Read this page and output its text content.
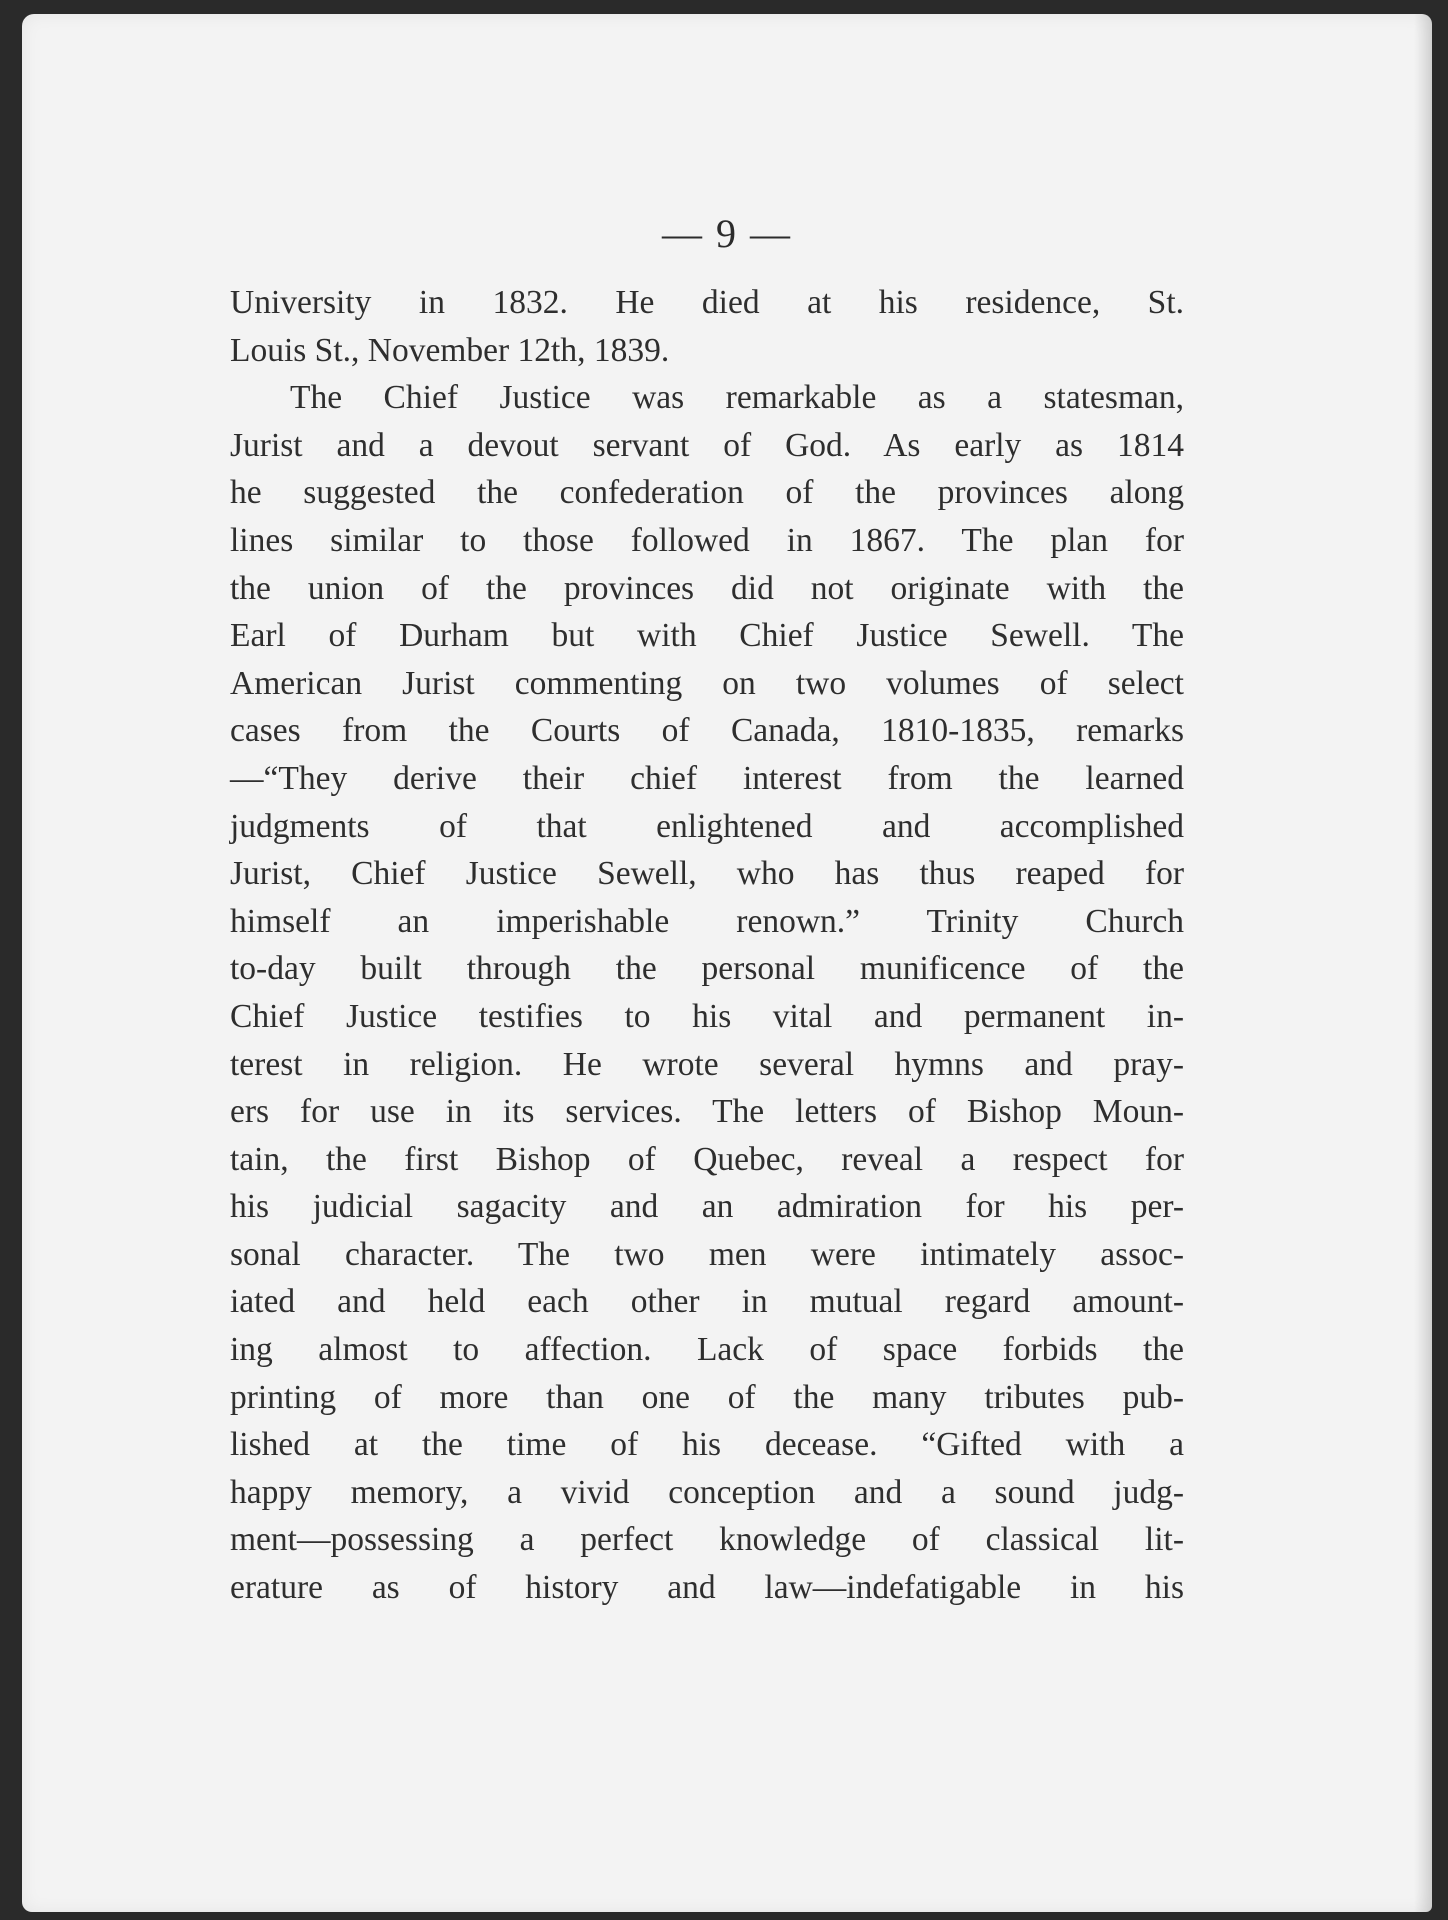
— 9 —

University in 1832. He died at his residence, St.
Louis St., November 12th, 1839.
The Chief Justice was remarkable as a statesman,
Jurist and a devout servant of God. As early as 1814
he suggested the confederation of the provinces along
lines similar to those followed in 1867. The plan for
the union of the provinces did not originate with the
Earl of Durham but with Chief Justice Sewell. The
American Jurist commenting on two volumes of select
cases from the Courts of Canada, 1810-1835, remarks
—“They derive their chief interest from the learned
judgments of that enlightened and accomplished
Jurist, Chief Justice Sewell, who has thus reaped for
himself an imperishable renown.” Trinity Church
to-day built through the personal munificence of the
Chief Justice testifies to his vital and permanent in-
terest in religion. He wrote several hymns and pray-
ers for use in its services. The letters of Bishop Moun-
tain, the first Bishop of Quebec, reveal a respect for
his judicial sagacity and an admiration for his per-
sonal character. The two men were intimately assoc-
iated and held each other in mutual regard amount-
ing almost to affection. Lack of space forbids the
printing of more than one of the many tributes pub-
lished at the time of his decease. “Gifted with a
happy memory, a vivid conception and a sound judg-
ment—possessing a perfect knowledge of classical lit-
erature as of history and law—indefatigable in his
